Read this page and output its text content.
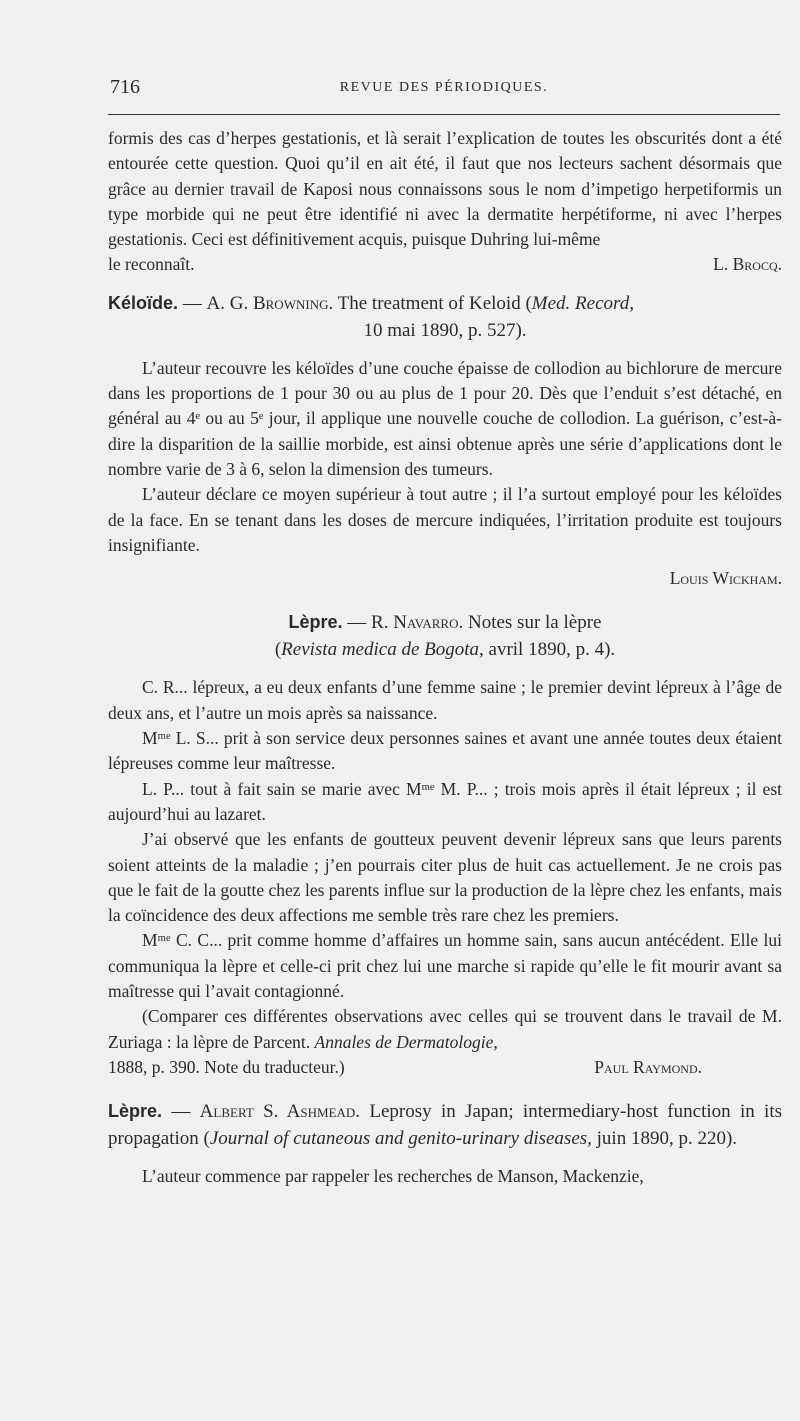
716	REVUE DES PÉRIODIQUES.

formis des cas d’herpes gestationis, et là serait l’explication de toutes les obscurités dont a été entourée cette question. Quoi qu’il en ait été, il faut que nos lecteurs sachent désormais que grâce au dernier travail de Kaposi nous connaissons sous le nom d’impetigo herpetiformis un type morbide qui ne peut être identifié ni avec la dermatite herpétiforme, ni avec l’herpes gestationis. Ceci est définitivement acquis, puisque Duhring lui-même

le reconnaît.	L. Brocq.
Kéloïde. — A. G. Browning. The treatment of Keloid (Med. Record,
10 mai 1890, p. 527).

L’auteur recouvre les kéloïdes d’une couche épaisse de collodion au bichlorure de mercure dans les proportions de 1 pour 30 ou au plus de 1 pour 20. Dès que l’enduit s’est détaché, en général au 4ᵉ ou au 5ᵉ jour, il applique une nouvelle couche de collodion. La guérison, c’est-à-dire la disparition de la saillie morbide, est ainsi obtenue après une série d’applications dont le nombre varie de 3 à 6, selon la dimension des tumeurs.

L’auteur déclare ce moyen supérieur à tout autre ; il l’a surtout employé pour les kéloïdes de la face. En se tenant dans les doses de mercure indiquées, l’irritation produite est toujours insignifiante.

Louis Wickham.

Lèpre. — R. Navarro. Notes sur la lèpre
(Revista medica de Bogota, avril 1890, p. 4).

C. R... lépreux, a eu deux enfants d’une femme saine ; le premier devint lépreux à l’âge de deux ans, et l’autre un mois après sa naissance.

Mᵐᵉ L. S... prit à son service deux personnes saines et avant une année toutes deux étaient lépreuses comme leur maîtresse.

L. P... tout à fait sain se marie avec Mᵐᵉ M. P... ; trois mois après il était lépreux ; il est aujourd’hui au lazaret.

J’ai observé que les enfants de goutteux peuvent devenir lépreux sans que leurs parents soient atteints de la maladie ; j’en pourrais citer plus de huit cas actuellement. Je ne crois pas que le fait de la goutte chez les parents influe sur la production de la lèpre chez les enfants, mais la coïncidence des deux affections me semble très rare chez les premiers.

Mᵐᵉ C. C... prit comme homme d’affaires un homme sain, sans aucun antécédent. Elle lui communiqua la lèpre et celle-ci prit chez lui une marche si rapide qu’elle le fit mourir avant sa maîtresse qui l’avait contagionné.

(Comparer ces différentes observations avec celles qui se trouvent dans le travail de M. Zuriaga : la lèpre de Parcent. Annales de Dermatologie,

1888, p. 390. Note du traducteur.)	Paul Raymond.
Lèpre. — Albert S. Ashmead. Leprosy in Japan; intermediary-host function in its propagation (Journal of cutaneous and genito-urinary diseases, juin 1890, p. 220).

L’auteur commence par rappeler les recherches de Manson, Mackenzie,
